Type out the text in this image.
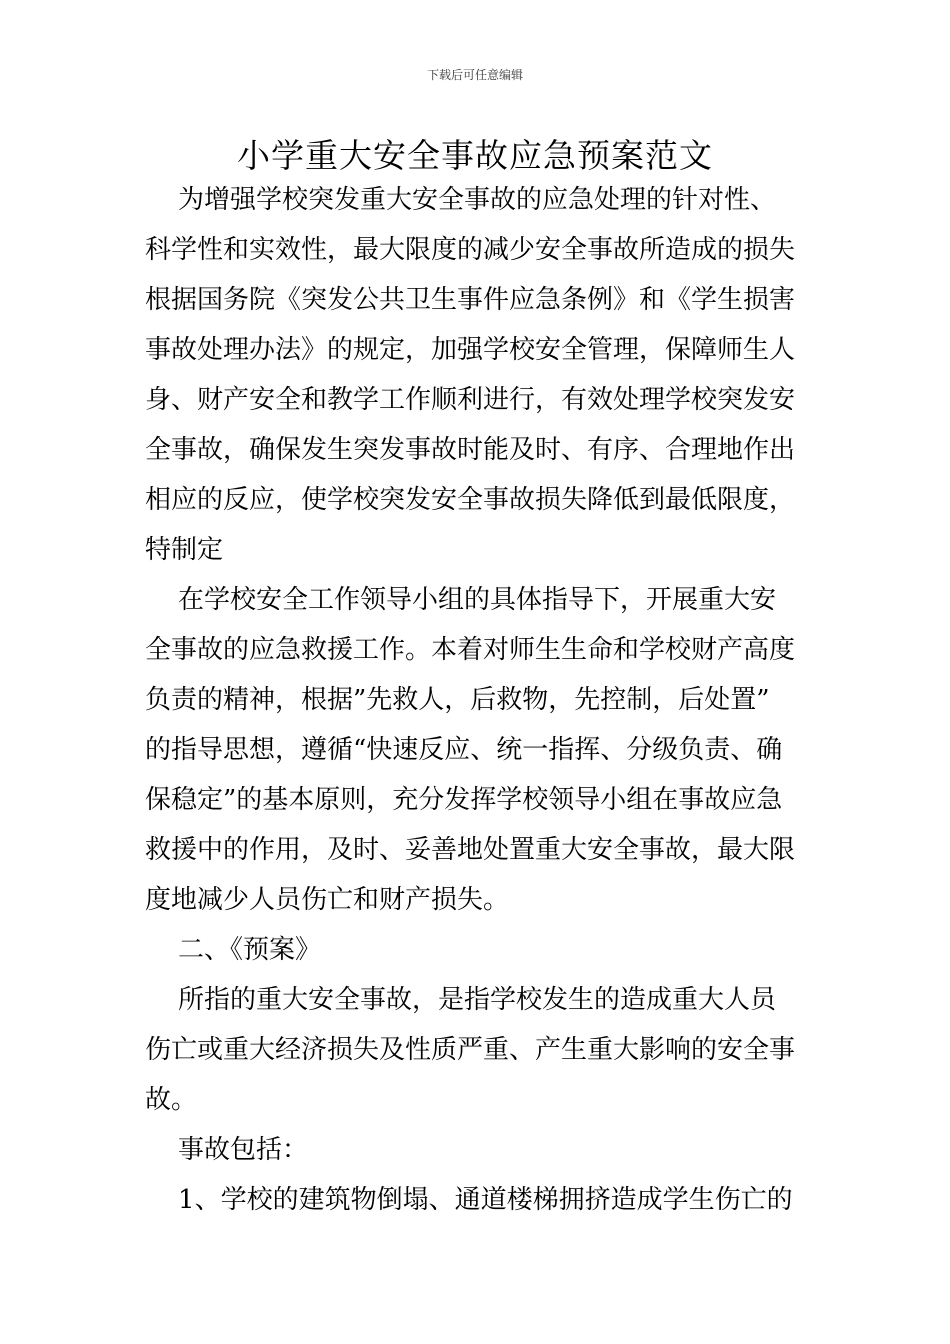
下载后可任意编辑
小学重大安全事故应急预案范文
为增强学校突发重大安全事故的应急处理的针对性、
科学性和实效性，最大限度的减少安全事故所造成的损失
根据国务院《突发公共卫生事件应急条例》和《学生损害
事故处理办法》的规定，加强学校安全管理，保障师生人
身、财产安全和教学工作顺利进行，有效处理学校突发安
全事故，确保发生突发事故时能及时、有序、合理地作出
相应的反应，使学校突发安全事故损失降低到最低限度，
特制定
在学校安全工作领导小组的具体指导下，开展重大安
全事故的应急救援工作。本着对师生生命和学校财产高度
负责的精神，根据”先救人，后救物，先控制，后处置”
的指导思想，遵循“快速反应、统一指挥、分级负责、确
保稳定”的基本原则，充分发挥学校领导小组在事故应急
救援中的作用，及时、妥善地处置重大安全事故，最大限
度地减少人员伤亡和财产损失。
二、《预案》
所指的重大安全事故，是指学校发生的造成重大人员
伤亡或重大经济损失及性质严重、产生重大影响的安全事
故。
事故包括：
1、学校的建筑物倒塌、通道楼梯拥挤造成学生伤亡的
